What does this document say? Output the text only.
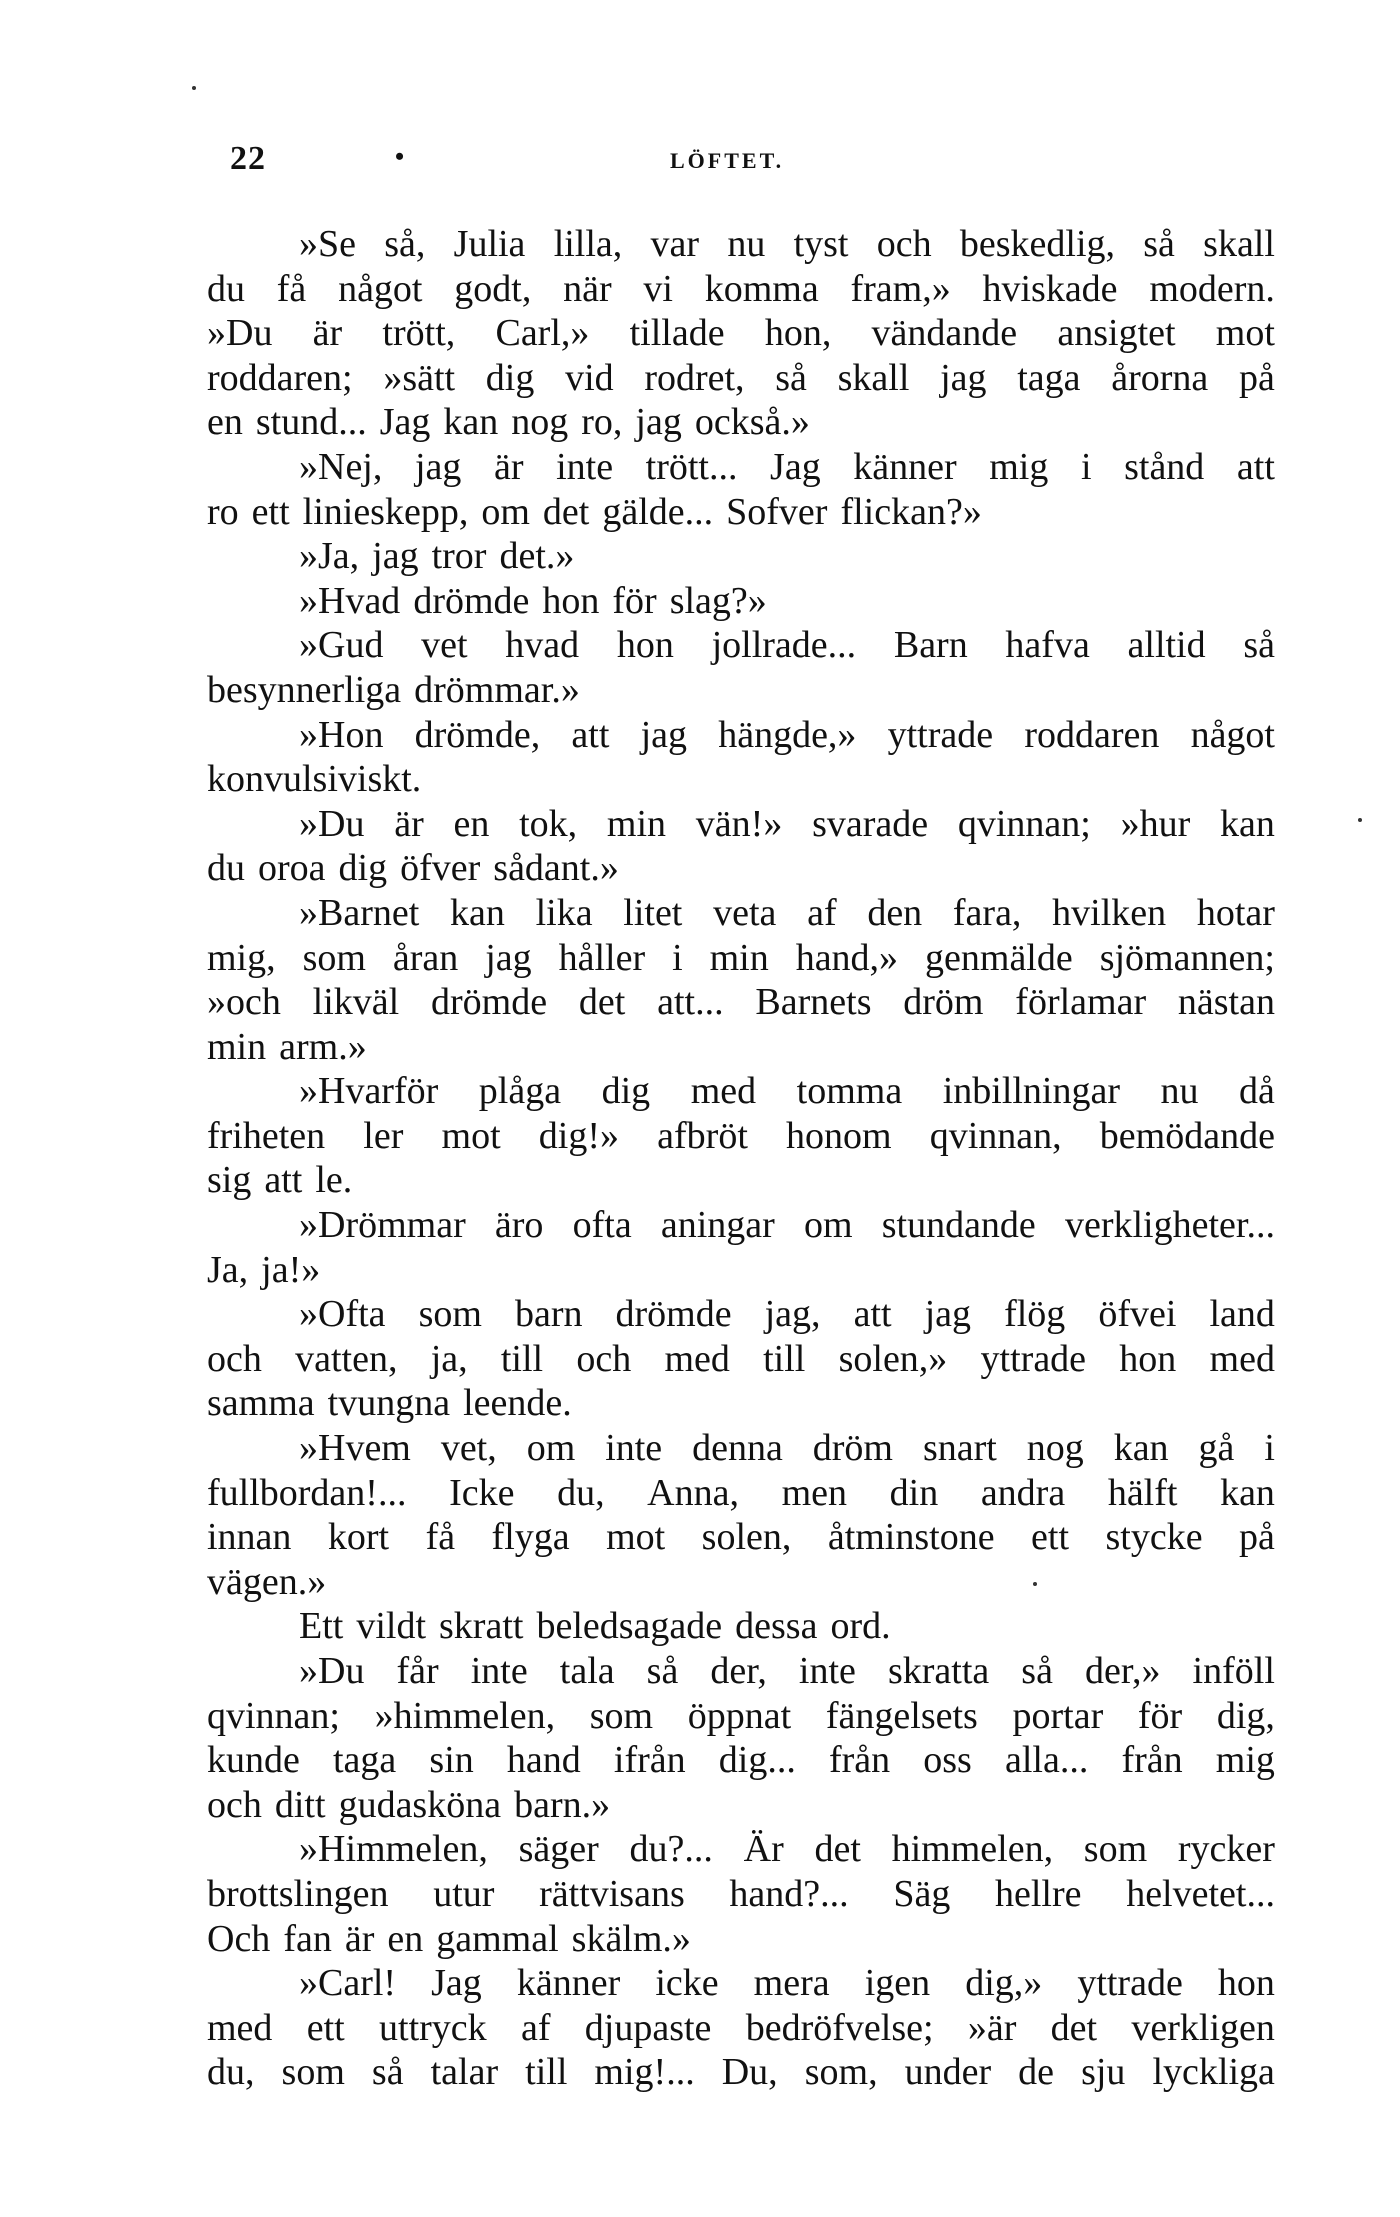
22	•	LÖFTET.
»Se så, Julia lilla, var nu tyst och beskedlig, så skall
du få något godt, när vi komma fram,» hviskade modern.
»Du är trött, Carl,» tillade hon, vändande ansigtet mot
roddaren; »sätt dig vid rodret, så skall jag taga årorna på
en stund... Jag kan nog ro, jag också.»
»Nej, jag är inte trött... Jag känner mig i stånd att
ro ett linieskepp, om det gälde... Sofver flickan?»
»Ja, jag tror det.»
»Hvad drömde hon för slag?»
»Gud vet hvad hon jollrade... Barn hafva alltid så
besynnerliga drömmar.»
»Hon drömde, att jag hängde,» yttrade roddaren något
konvulsiviskt.
»Du är en tok, min vän!» svarade qvinnan; »hur kan
du oroa dig öfver sådant.»
»Barnet kan lika litet veta af den fara, hvilken hotar
mig, som åran jag håller i min hand,» genmälde sjömannen;
»och likväl drömde det att... Barnets dröm förlamar nästan
min arm.»
»Hvarför plåga dig med tomma inbillningar nu då
friheten ler mot dig!» afbröt honom qvinnan, bemödande
sig att le.
»Drömmar äro ofta aningar om stundande verkligheter...
Ja, ja!»
»Ofta som barn drömde jag, att jag flög öfvei land
och vatten, ja, till och med till solen,» yttrade hon med
samma tvungna leende.
»Hvem vet, om inte denna dröm snart nog kan gå i
fullbordan!... Icke du, Anna, men din andra hälft kan
innan kort få flyga mot solen, åtminstone ett stycke på
vägen.»
Ett vildt skratt beledsagade dessa ord.
»Du får inte tala så der, inte skratta så der,» inföll
qvinnan; »himmelen, som öppnat fängelsets portar för dig,
kunde taga sin hand ifrån dig... från oss alla... från mig
och ditt gudasköna barn.»
»Himmelen, säger du?... Är det himmelen, som rycker
brottslingen utur rättvisans hand?... Säg hellre helvetet...
Och fan är en gammal skälm.»
»Carl! Jag känner icke mera igen dig,» yttrade hon
med ett uttryck af djupaste bedröfvelse; »är det verkligen
du, som så talar till mig!... Du, som, under de sju lyckliga
